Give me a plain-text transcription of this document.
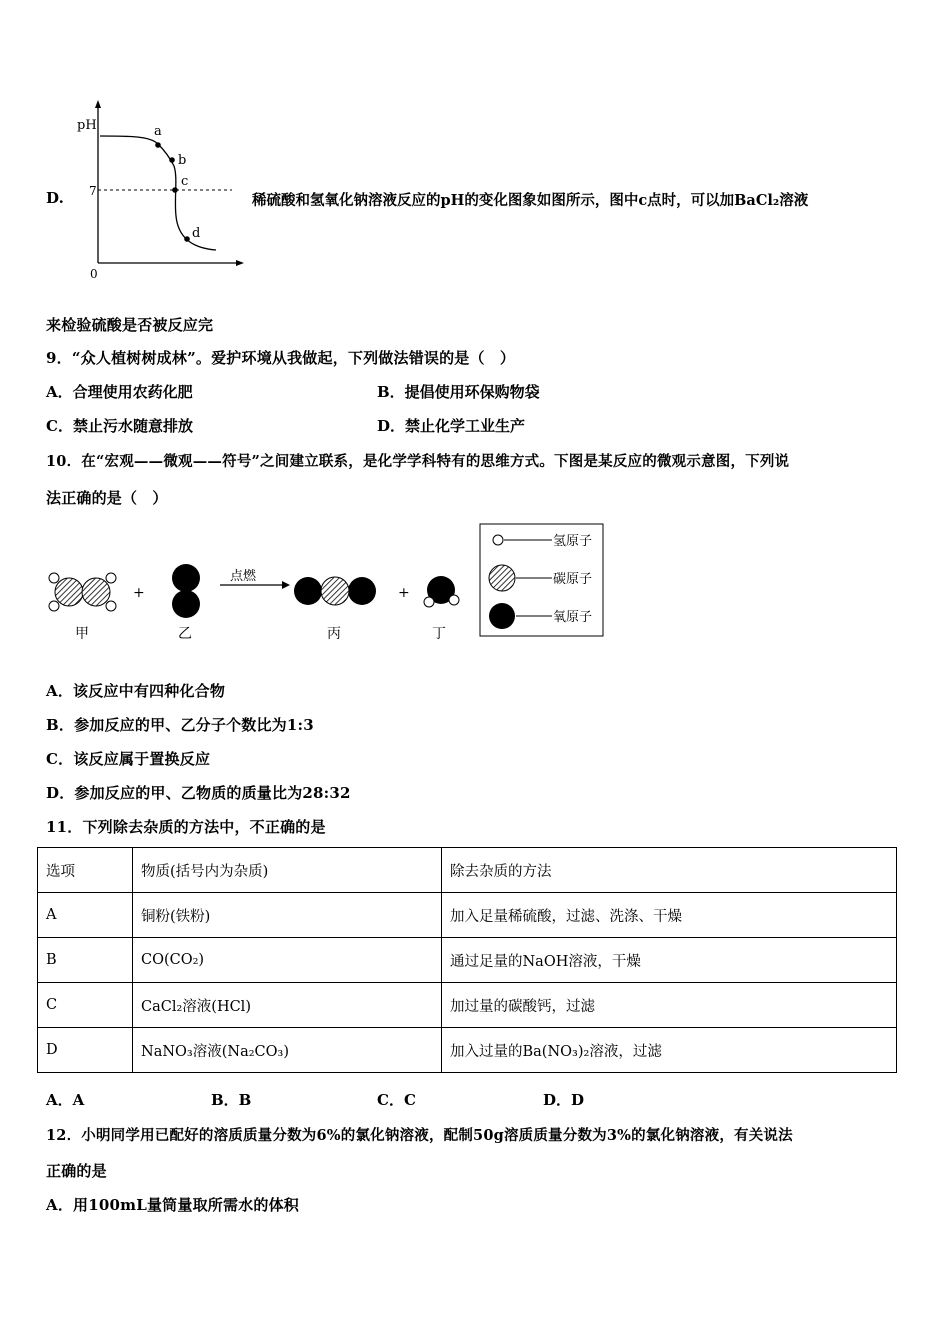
D.
pH
7
0
a
b
c
d
稀硫酸和氢氧化钠溶液反应的pH的变化图象如图所示，图中c点时，可以加BaCl₂溶液
来检验硫酸是否被反应完
9．“众人植树树成林”。爱护环境从我做起，下列做法错误的是（　）
A．合理使用农药化肥	B．提倡使用环保购物袋
C．禁止污水随意排放	D．禁止化学工业生产
10．在“宏观——微观——符号”之间建立联系，是化学学科特有的思维方式。下图是某反应的微观示意图，下列说
法正确的是（　）
+
点燃
+
甲	乙	丙	丁
氢原子
碳原子
氧原子
A．该反应中有四种化合物
B．参加反应的甲、乙分子个数比为1:3
C．该反应属于置换反应
D．参加反应的甲、乙物质的质量比为28:32
11．下列除去杂质的方法中，不正确的是
选项	物质(括号内为杂质)	除去杂质的方法
A	铜粉(铁粉)	加入足量稀硫酸，过滤、洗涤、干燥
B	CO(CO₂)	通过足量的NaOH溶液，干燥
C	CaCl₂溶液(HCl)	加过量的碳酸钙，过滤
D	NaNO₃溶液(Na₂CO₃)	加入过量的Ba(NO₃)₂溶液，过滤
A．A	B．B	C．C	D．D
12．小明同学用已配好的溶质质量分数为6%的氯化钠溶液，配制50g溶质质量分数为3%的氯化钠溶液，有关说法
正确的是
A．用100mL量筒量取所需水的体积
